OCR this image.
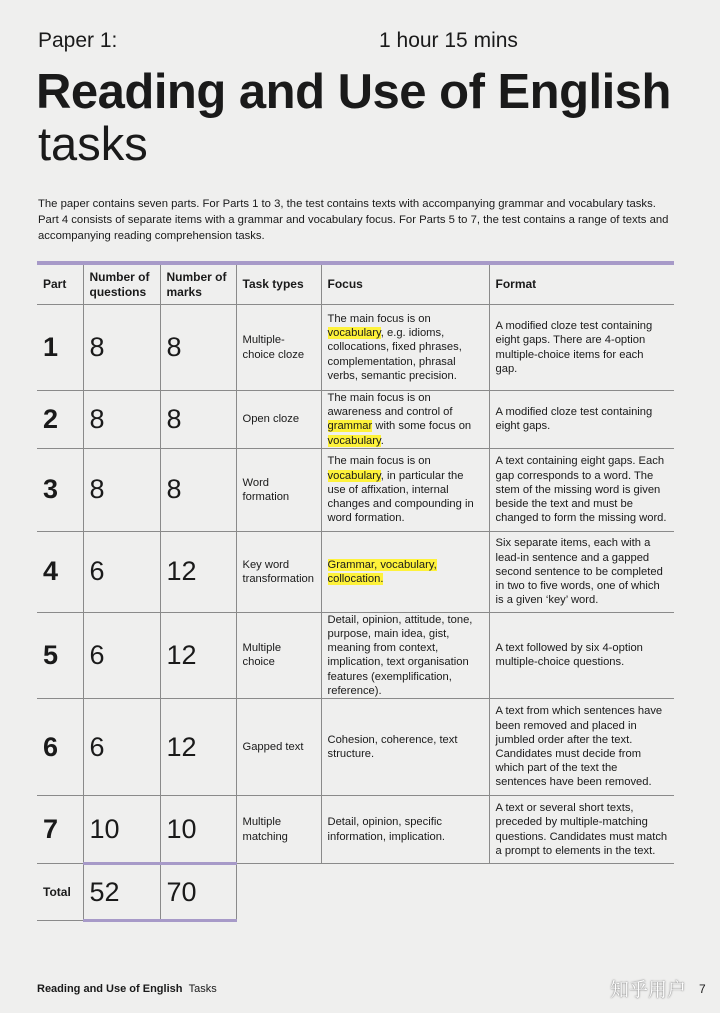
Paper 1:	1 hour 15 mins
Reading and Use of English
tasks
The paper contains seven parts. For Parts 1 to 3, the test contains texts with accompanying grammar and vocabulary tasks. Part 4 consists of separate items with a grammar and vocabulary focus. For Parts 5 to 7, the test contains a range of texts and accompanying reading comprehension tasks.
Part	Number of questions	Number of marks	Task types	Focus	Format
1	8	8	Multiple-choice cloze	The main focus is on vocabulary, e.g. idioms, collocations, fixed phrases, complementation, phrasal verbs, semantic precision.	A modified cloze test containing eight gaps. There are 4-option multiple-choice items for each gap.
2	8	8	Open cloze	The main focus is on awareness and control of grammar with some focus on vocabulary.	A modified cloze test containing eight gaps.
3	8	8	Word formation	The main focus is on vocabulary, in particular the use of affixation, internal changes and compounding in word formation.	A text containing eight gaps. Each gap corresponds to a word. The stem of the missing word is given beside the text and must be changed to form the missing word.
4	6	12	Key word transformation	Grammar, vocabulary, collocation.	Six separate items, each with a lead-in sentence and a gapped second sentence to be completed in two to five words, one of which is a given ‘key’ word.
5	6	12	Multiple choice	Detail, opinion, attitude, tone, purpose, main idea, gist, meaning from context, implication, text organisation features (exemplification, reference).	A text followed by six 4-option multiple-choice questions.
6	6	12	Gapped text	Cohesion, coherence, text structure.	A text from which sentences have been removed and placed in jumbled order after the text. Candidates must decide from which part of the text the sentences have been removed.
7	10	10	Multiple matching	Detail, opinion, specific information, implication.	A text or several short texts, preceded by multiple-matching questions. Candidates must match a prompt to elements in the text.
Total	52	70			
Reading and Use of English Tasks	知乎用户 7
